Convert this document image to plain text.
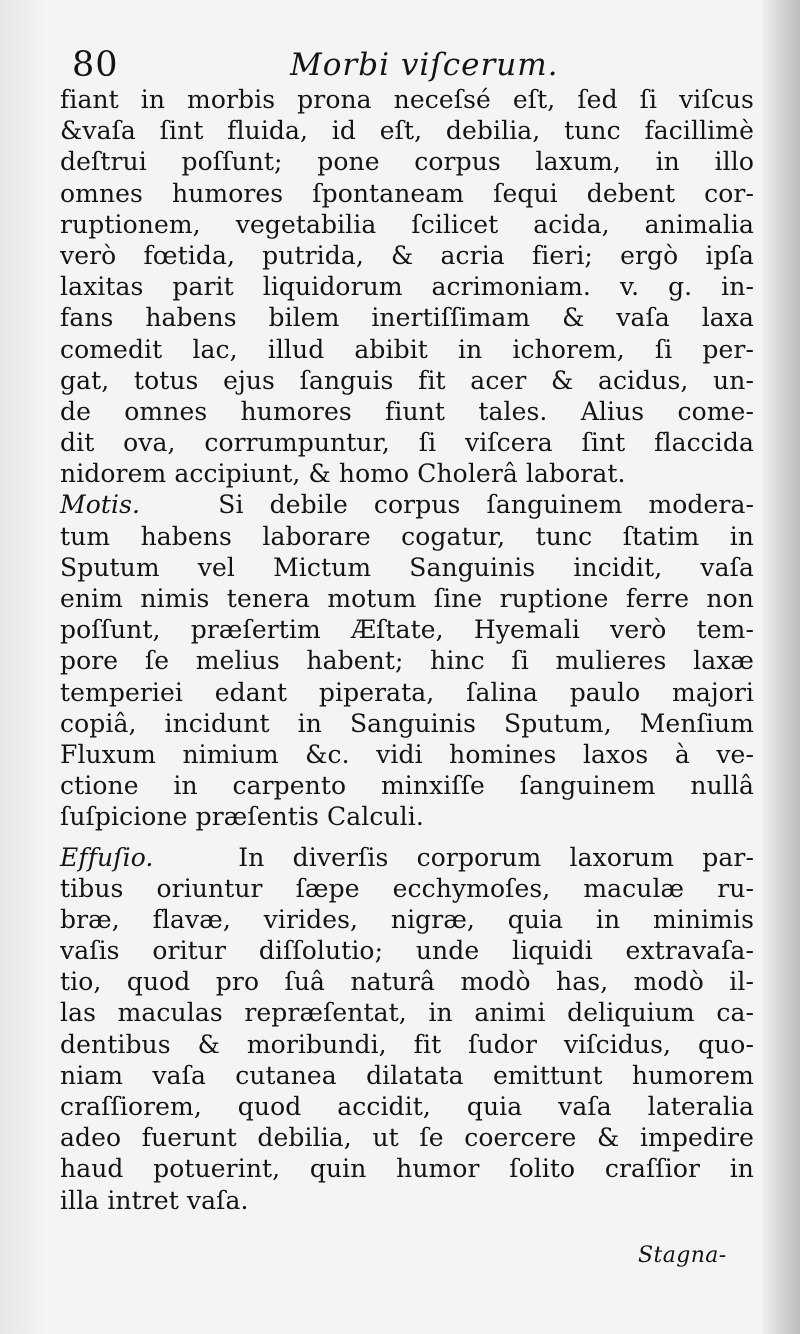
80	Morbi viſcerum.
fiant in morbis prona neceſsé eſt, ſed ſi viſcus
&vaſa ſint fluida, id eſt, debilia, tunc facillimè
deſtrui poſſunt; pone corpus laxum, in illo
omnes humores ſpontaneam ſequi debent cor-
ruptionem, vegetabilia ſcilicet acida, animalia
verò fœtida, putrida, & acria fieri; ergò ipſa
laxitas parit liquidorum acrimoniam. v. g. in-
fans habens bilem inertiſſimam & vaſa laxa
comedit lac, illud abibit in ichorem, ſi per-
gat, totus ejus ſanguis fit acer & acidus, un-
de omnes humores fiunt tales. Alius come-
dit ova, corrumpuntur, ſi viſcera ſint flaccida
nidorem accipiunt, & homo Cholerâ laborat.
Motis.	Si debile corpus ſanguinem modera-
tum habens laborare cogatur, tunc ſtatim in
Sputum vel Mictum Sanguinis incidit, vaſa
enim nimis tenera motum ſine ruptione ferre non
poſſunt, præſertim Æſtate, Hyemali verò tem-
pore ſe melius habent; hinc ſi mulieres laxæ
temperiei edant piperata, ſalina paulo majori
copiâ, incidunt in Sanguinis Sputum, Menſium
Fluxum nimium &c. vidi homines laxos à ve-
ctione in carpento minxiſſe ſanguinem nullâ
ſuſpicione præſentis Calculi.
Effuſio.	In diverſis corporum laxorum par-
tibus oriuntur ſæpe ecchymoſes, maculæ ru-
bræ, flavæ, virides, nigræ, quia in minimis
vaſis oritur diſſolutio; unde liquidi extravaſa-
tio, quod pro ſuâ naturâ modò has, modò il-
las maculas repræſentat, in animi deliquium ca-
dentibus & moribundi, fit ſudor viſcidus, quo-
niam vaſa cutanea dilatata emittunt humorem
craſſiorem, quod accidit, quia vaſa lateralia
adeo fuerunt debilia, ut ſe coercere & impedire
haud potuerint, quin humor ſolito craſſior in
illa intret vaſa.
Stagna-
